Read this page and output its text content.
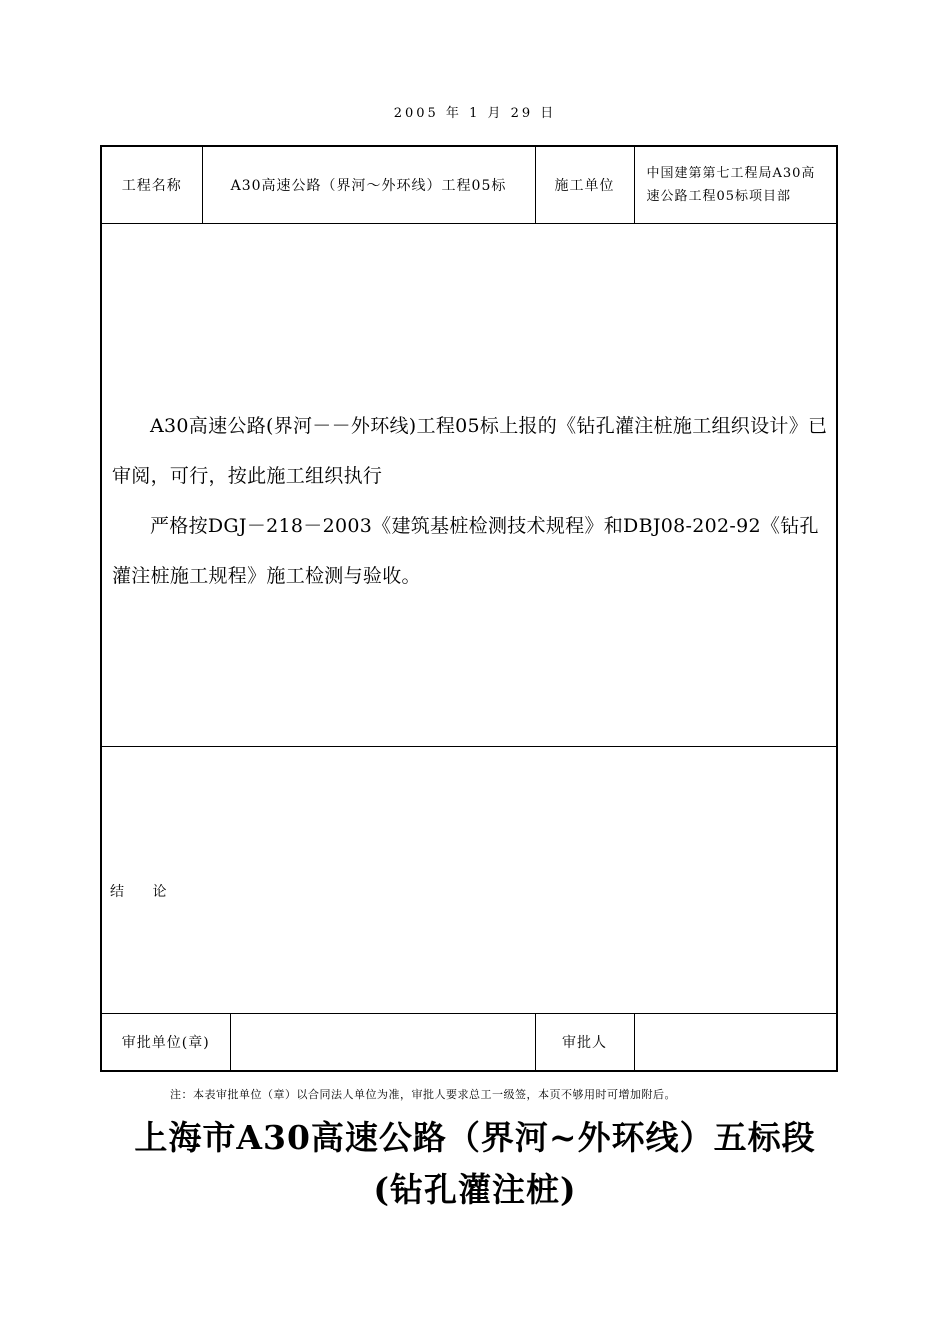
2005 年 1 月 29 日
工程名称	A30高速公路（界河～外环线）工程05标		施工单位	中国建第第七工程局A30高
速公路工程05标项目部

A30高速公路(界河－－外环线)工程05标上报的《钻孔灌注桩施工组织设计》已审阅，可行，按此施工组织执行

严格按DGJ－218－2003《建筑基桩检测技术规程》和DBJ08-202-92《钻孔灌注桩施工规程》施工检测与验收。				

结 论				

审批单位(章)			审批人	
注：本表审批单位（章）以合同法人单位为准，审批人要求总工一级签，本页不够用时可增加附后。
上海市A30高速公路（界河~外环线）五标段
(钻孔灌注桩)
